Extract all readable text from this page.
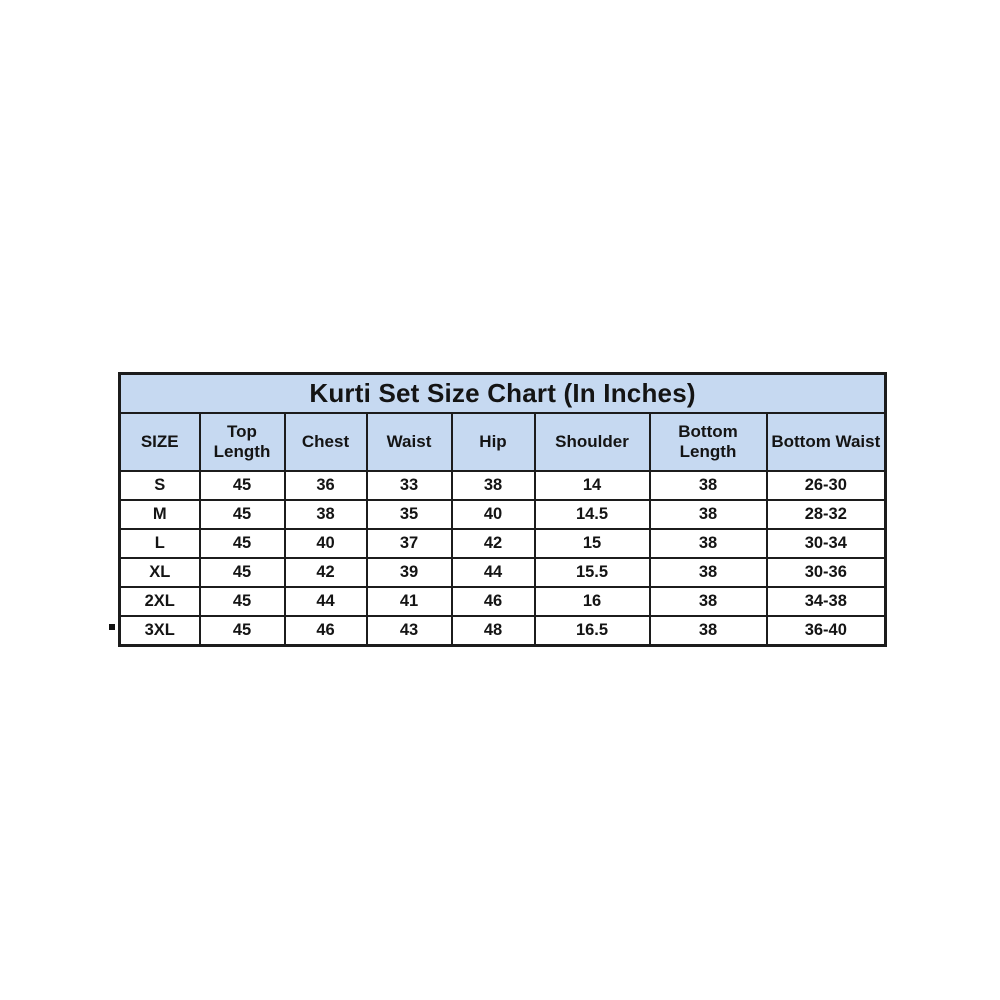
Kurti Set Size Chart (In Inches)							
SIZE	Top Length	Chest	Waist	Hip	Shoulder	Bottom Length	Bottom Waist
S	45	36	33	38	14	38	26-30
M	45	38	35	40	14.5	38	28-32
L	45	40	37	42	15	38	30-34
XL	45	42	39	44	15.5	38	30-36
2XL	45	44	41	46	16	38	34-38
3XL	45	46	43	48	16.5	38	36-40
